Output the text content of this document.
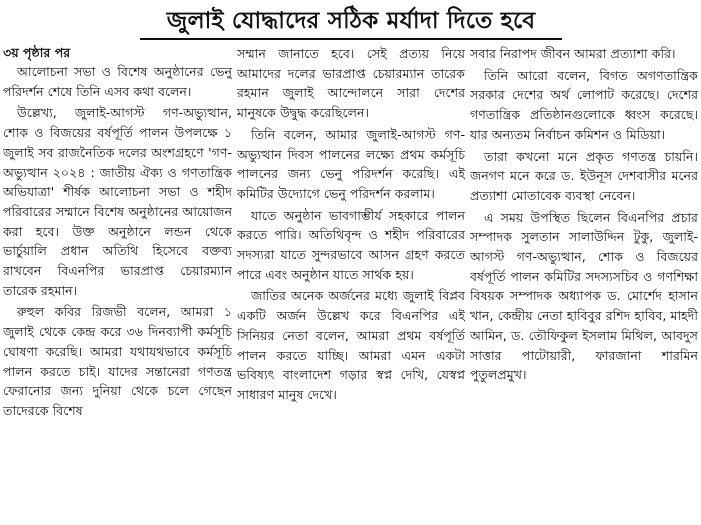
জুলাই যোদ্ধাদের সঠিক মর্যাদা দিতে হবে
৩য় পৃষ্ঠার পর

আলোচনা সভা ও বিশেষ অনুষ্ঠানের ভেনু পরিদর্শন শেষে তিনি এসব কথা বলেন।

উল্লেখ্য, জুলাই-আগস্ট গণ-অভ্যুত্থান, শোক ও বিজয়ের বর্ষপূর্তি পালন উপলক্ষে ১ জুলাই সব রাজনৈতিক দলের অংশগ্রহণে 'গণ-অভ্যুত্থান ২০২৪ : জাতীয় ঐক্য ও গণতান্ত্রিক অভিযাত্রা' শীর্ষক আলোচনা সভা ও শহীদ পরিবারের সম্মানে বিশেষ অনুষ্ঠানের আয়োজন করা হবে। উক্ত অনুষ্ঠানে লন্ডন থেকে ভার্চুয়ালি প্রধান অতিথি হিসেবে বক্তব্য রাখবেন বিএনপির ভারপ্রাপ্ত চেয়ারম্যান তারেক রহমান।

রুহুল কবির রিজভী বলেন, আমরা ১ জুলাই থেকে কেন্দ্র করে ৩৬ দিনব্যাপী কর্মসূচি ঘোষণা করেছি। আমরা যথাযথভাবে কর্মসূচি পালন করতে চাই। যাদের সন্তানেরা গণতন্ত্র ফেরানোর জন্য দুনিয়া থেকে চলে গেছেন তাদেরকে বিশেষ

সম্মান জানাতে হবে। সেই প্রত্যয় নিয়ে আমাদের দলের ভারপ্রাপ্ত চেয়ারম্যান তারেক রহমান জুলাই আন্দোলনে সারা দেশের মানুষকে উদ্বুদ্ধ করেছিলেন।

তিনি বলেন, আমার জুলাই-আগস্ট গণ-অভ্যুত্থান দিবস পালনের লক্ষ্যে প্রথম কর্মসূচি পালনের জন্য ভেনু পরিদর্শন করেছি। এই কমিটির উদ্যোগে ভেনু পরিদর্শন করলাম।

যাতে অনুষ্ঠান ভাবগাম্ভীর্য সহকারে পালন করতে পারি। অতিথিবৃন্দ ও শহীদ পরিবারের সদস্যরা যাতে সুন্দরভাবে আসন গ্রহণ করতে পারে এবং অনুষ্ঠান যাতে সার্থক হয়।

জাতির অনেক অর্জনের মধ্যে জুলাই বিপ্লব একটি অর্জন উল্লেখ করে বিএনপির এই সিনিয়র নেতা বলেন, আমরা প্রথম বর্ষপূর্তি পালন করতে যাচ্ছি। আমরা এমন একটা ভবিষ্যৎ বাংলাদেশ গড়ার স্বপ্ন দেখি, যেস্বপ্ন সাধারণ মানুষ দেখে।

সবার নিরাপদ জীবন আমরা প্রত্যাশা করি।

তিনি আরো বলেন, বিগত অগণতান্ত্রিক সরকার দেশের অর্থ লোপাট করেছে। দেশের গণতান্ত্রিক প্রতিষ্ঠানগুলোকে ধ্বংস করেছে। যার অন্যতম নির্বাচন কমিশন ও মিডিয়া।

তারা কখনো মনে প্রকৃত গণতন্ত্র চায়নি। জনগণ মনে করে ড. ইউনূস দেশবাসীর মনের প্রত্যাশা মোতাবেক ব্যবস্থা নেবেন।

এ সময় উপস্থিত ছিলেন বিএনপির প্রচার সম্পাদক সুলতান সালাউদ্দিন টুকু, জুলাই-আগস্ট গণ-অভ্যুত্থান, শোক ও বিজয়ের বর্ষপূর্তি পালন কমিটির সদস্যসচিব ও গণশিক্ষা বিষয়ক সম্পাদক অধ্যাপক ড. মোর্শেদ হাসান খান, কেন্দ্রীয় নেতা হাবিবুর রশিদ হাবিব, মাহদী আমিন, ড. তৌফিকুল ইসলাম মিথিল, আবদুস সাত্তার পাটোয়ারী, ফারজানা শারমিন পুতুলপ্রমুখ।
